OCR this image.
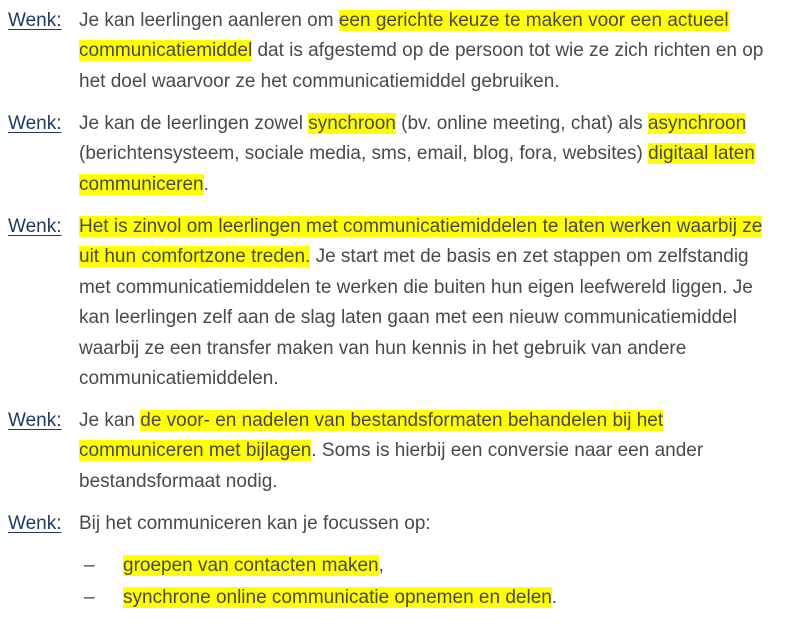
Wenk: Je kan leerlingen aanleren om een gerichte keuze te maken voor een actueel communicatiemiddel dat is afgestemd op de persoon tot wie ze zich richten en op het doel waarvoor ze het communicatiemiddel gebruiken.
Wenk: Je kan de leerlingen zowel synchroon (bv. online meeting, chat) als asynchroon (berichtensysteem, sociale media, sms, email, blog, fora, websites) digitaal laten communiceren.
Wenk: Het is zinvol om leerlingen met communicatiemiddelen te laten werken waarbij ze uit hun comfortzone treden. Je start met de basis en zet stappen om zelfstandig met communicatiemiddelen te werken die buiten hun eigen leefwereld liggen. Je kan leerlingen zelf aan de slag laten gaan met een nieuw communicatiemiddel waarbij ze een transfer maken van hun kennis in het gebruik van andere communicatiemiddelen.
Wenk: Je kan de voor- en nadelen van bestandsformaten behandelen bij het communiceren met bijlagen. Soms is hierbij een conversie naar een ander bestandsformaat nodig.
Wenk: Bij het communiceren kan je focussen op:
– groepen van contacten maken,
– synchrone online communicatie opnemen en delen.
